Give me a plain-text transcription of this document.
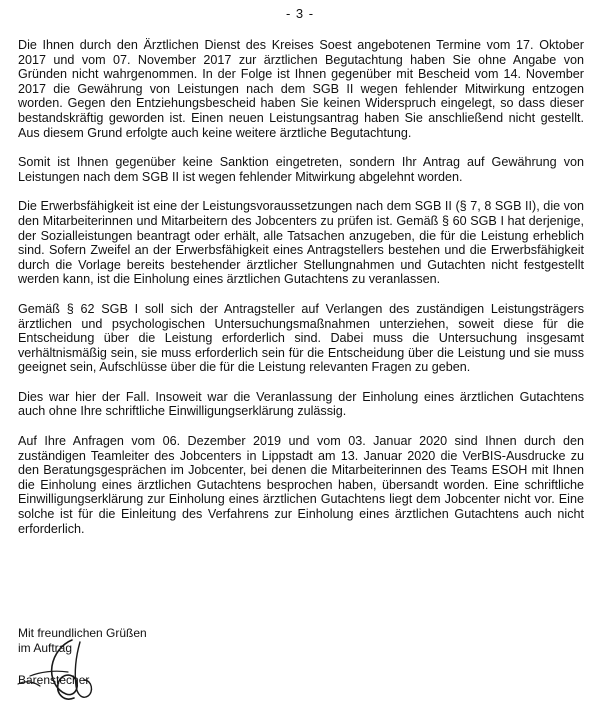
- 3 -

Die Ihnen durch den Ärztlichen Dienst des Kreises Soest angebotenen Termine vom 17. Oktober 2017 und vom 07. November 2017 zur ärztlichen Begutachtung haben Sie ohne Angabe von Gründen nicht wahrgenommen. In der Folge ist Ihnen gegenüber mit Bescheid vom 14. November 2017 die Gewährung von Leistungen nach dem SGB II wegen fehlender Mitwirkung entzogen worden. Gegen den Entziehungsbescheid haben Sie keinen Widerspruch eingelegt, so dass dieser bestandskräftig geworden ist. Einen neuen Leistungsantrag haben Sie anschließend nicht gestellt. Aus diesem Grund erfolgte auch keine weitere ärztliche Begutachtung.

Somit ist Ihnen gegenüber keine Sanktion eingetreten, sondern Ihr Antrag auf Gewährung von Leistungen nach dem SGB II ist wegen fehlender Mitwirkung abgelehnt worden.

Die Erwerbsfähigkeit ist eine der Leistungsvoraussetzungen nach dem SGB II (§ 7, 8 SGB II), die von den Mitarbeiterinnen und Mitarbeitern des Jobcenters zu prüfen ist. Gemäß § 60 SGB I hat derjenige, der Sozialleistungen beantragt oder erhält, alle Tatsachen anzugeben, die für die Leistung erheblich sind. Sofern Zweifel an der Erwerbsfähigkeit eines Antragstellers bestehen und die Erwerbsfähigkeit durch die Vorlage bereits bestehender ärztlicher Stellungnahmen und Gutachten nicht festgestellt werden kann, ist die Einholung eines ärztlichen Gutachtens zu veranlassen.

Gemäß § 62 SGB I soll sich der Antragsteller auf Verlangen des zuständigen Leistungsträgers ärztlichen und psychologischen Untersuchungsmaßnahmen unterziehen, soweit diese für die Entscheidung über die Leistung erforderlich sind. Dabei muss die Untersuchung insgesamt verhältnismäßig sein, sie muss erforderlich sein für die Entscheidung über die Leistung und sie muss geeignet sein, Aufschlüsse über die für die Leistung relevanten Fragen zu geben.

Dies war hier der Fall. Insoweit war die Veranlassung der Einholung eines ärztlichen Gutachtens auch ohne Ihre schriftliche Einwilligungserklärung zulässig.

Auf Ihre Anfragen vom 06. Dezember 2019 und vom 03. Januar 2020 sind Ihnen durch den zuständigen Teamleiter des Jobcenters in Lippstadt am 13. Januar 2020 die VerBIS-Ausdrucke zu den Beratungsgesprächen im Jobcenter, bei denen die Mitarbeiterinnen des Teams ESOH mit Ihnen die Einholung eines ärztlichen Gutachtens besprochen haben, übersandt worden. Eine schriftliche Einwilligungserklärung zur Einholung eines ärztlichen Gutachtens liegt dem Jobcenter nicht vor. Eine solche ist für die Einleitung des Verfahrens zur Einholung eines ärztlichen Gutachtens auch nicht erforderlich.

Mit freundlichen Grüßen
im Auftrag
Barenstecher
